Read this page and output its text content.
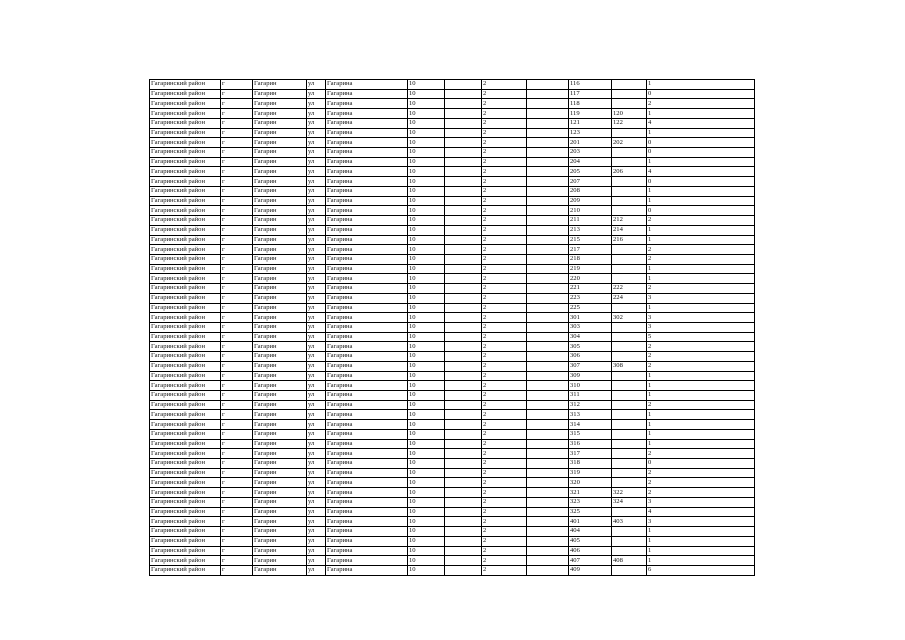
Гагаринский район	г	Гагарин	ул	Гагарина	10		2		116		1
Гагаринский район	г	Гагарин	ул	Гагарина	10		2		117		0
Гагаринский район	г	Гагарин	ул	Гагарина	10		2		118		2
Гагаринский район	г	Гагарин	ул	Гагарина	10		2		119	120	1
Гагаринский район	г	Гагарин	ул	Гагарина	10		2		121	122	4
Гагаринский район	г	Гагарин	ул	Гагарина	10		2		123		1
Гагаринский район	г	Гагарин	ул	Гагарина	10		2		201	202	0
Гагаринский район	г	Гагарин	ул	Гагарина	10		2		203		0
Гагаринский район	г	Гагарин	ул	Гагарина	10		2		204		1
Гагаринский район	г	Гагарин	ул	Гагарина	10		2		205	206	4
Гагаринский район	г	Гагарин	ул	Гагарина	10		2		207		0
Гагаринский район	г	Гагарин	ул	Гагарина	10		2		208		1
Гагаринский район	г	Гагарин	ул	Гагарина	10		2		209		1
Гагаринский район	г	Гагарин	ул	Гагарина	10		2		210		0
Гагаринский район	г	Гагарин	ул	Гагарина	10		2		211	212	2
Гагаринский район	г	Гагарин	ул	Гагарина	10		2		213	214	1
Гагаринский район	г	Гагарин	ул	Гагарина	10		2		215	216	1
Гагаринский район	г	Гагарин	ул	Гагарина	10		2		217		2
Гагаринский район	г	Гагарин	ул	Гагарина	10		2		218		2
Гагаринский район	г	Гагарин	ул	Гагарина	10		2		219		1
Гагаринский район	г	Гагарин	ул	Гагарина	10		2		220		1
Гагаринский район	г	Гагарин	ул	Гагарина	10		2		221	222	2
Гагаринский район	г	Гагарин	ул	Гагарина	10		2		223	224	3
Гагаринский район	г	Гагарин	ул	Гагарина	10		2		225		1
Гагаринский район	г	Гагарин	ул	Гагарина	10		2		301	302	3
Гагаринский район	г	Гагарин	ул	Гагарина	10		2		303		3
Гагаринский район	г	Гагарин	ул	Гагарина	10		2		304		5
Гагаринский район	г	Гагарин	ул	Гагарина	10		2		305		2
Гагаринский район	г	Гагарин	ул	Гагарина	10		2		306		2
Гагаринский район	г	Гагарин	ул	Гагарина	10		2		307	308	2
Гагаринский район	г	Гагарин	ул	Гагарина	10		2		309		1
Гагаринский район	г	Гагарин	ул	Гагарина	10		2		310		1
Гагаринский район	г	Гагарин	ул	Гагарина	10		2		311		1
Гагаринский район	г	Гагарин	ул	Гагарина	10		2		312		2
Гагаринский район	г	Гагарин	ул	Гагарина	10		2		313		1
Гагаринский район	г	Гагарин	ул	Гагарина	10		2		314		1
Гагаринский район	г	Гагарин	ул	Гагарина	10		2		315		1
Гагаринский район	г	Гагарин	ул	Гагарина	10		2		316		1
Гагаринский район	г	Гагарин	ул	Гагарина	10		2		317		2
Гагаринский район	г	Гагарин	ул	Гагарина	10		2		318		0
Гагаринский район	г	Гагарин	ул	Гагарина	10		2		319		2
Гагаринский район	г	Гагарин	ул	Гагарина	10		2		320		2
Гагаринский район	г	Гагарин	ул	Гагарина	10		2		321	322	2
Гагаринский район	г	Гагарин	ул	Гагарина	10		2		323	324	3
Гагаринский район	г	Гагарин	ул	Гагарина	10		2		325		4
Гагаринский район	г	Гагарин	ул	Гагарина	10		2		401	403	3
Гагаринский район	г	Гагарин	ул	Гагарина	10		2		404		1
Гагаринский район	г	Гагарин	ул	Гагарина	10		2		405		1
Гагаринский район	г	Гагарин	ул	Гагарина	10		2		406		1
Гагаринский район	г	Гагарин	ул	Гагарина	10		2		407	408	1
Гагаринский район	г	Гагарин	ул	Гагарина	10		2		409		6
